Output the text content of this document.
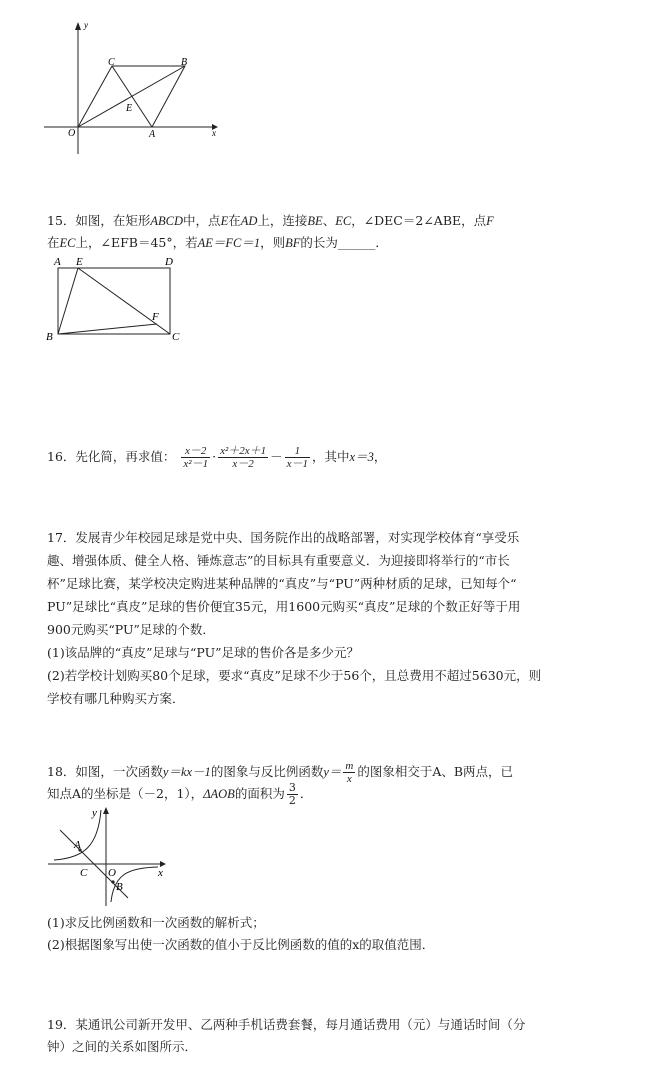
y
x
O	A
B
C
E
15．如图，在矩形ABCD中，点E在AD上，连接BE、EC，∠DEC＝2∠ABE，点F
在EC上，∠EFB＝45°，若AE＝FC＝1，则BF的长为______．
A E	D
F
B	C
16．先化简，再求值： $\frac{x-2}{\text{x²－1}} \cdot \frac{\text{x²＋2x＋1}}{x-2} - \frac{1}{x-1}$ ，其中x＝3，
17．发展青少年校园足球是党中央、国务院作出的战略部署，对实现学校体育“享受乐
趣、增强体质、健全人格、锤炼意志”的目标具有重要意义．为迎接即将举行的“市长
杯”足球比赛，某学校决定购进某种品牌的“真皮”与“PU”两种材质的足球，已知每个“
PU”足球比“真皮”足球的售价便宜35元，用1600元购买“真皮”足球的个数正好等于用
900元购买“PU”足球的个数．
(1)该品牌的“真皮”足球与“PU”足球的售价各是多少元？
(2)若学校计划购买80个足球，要求“真皮”足球不少于56个，且总费用不超过5630元，则
学校有哪几种购买方案．
18．如图，一次函数y＝kx－1的图象与反比例函数$y= \frac{m}{x}$ 的图象相交于A、B两点，已
知点A的坐标是（－2，1），ΔAOB的面积为 $\frac{3}{2}$ ．
y
x
A
C O
B
(1)求反比例函数和一次函数的解析式；
(2)根据图象写出使一次函数的值小于反比例函数的值的x的取值范围．
19．某通讯公司新开发甲、乙两种手机话费套餐，每月通话费用（元）与通话时间（分
钟）之间的关系如图所示．
